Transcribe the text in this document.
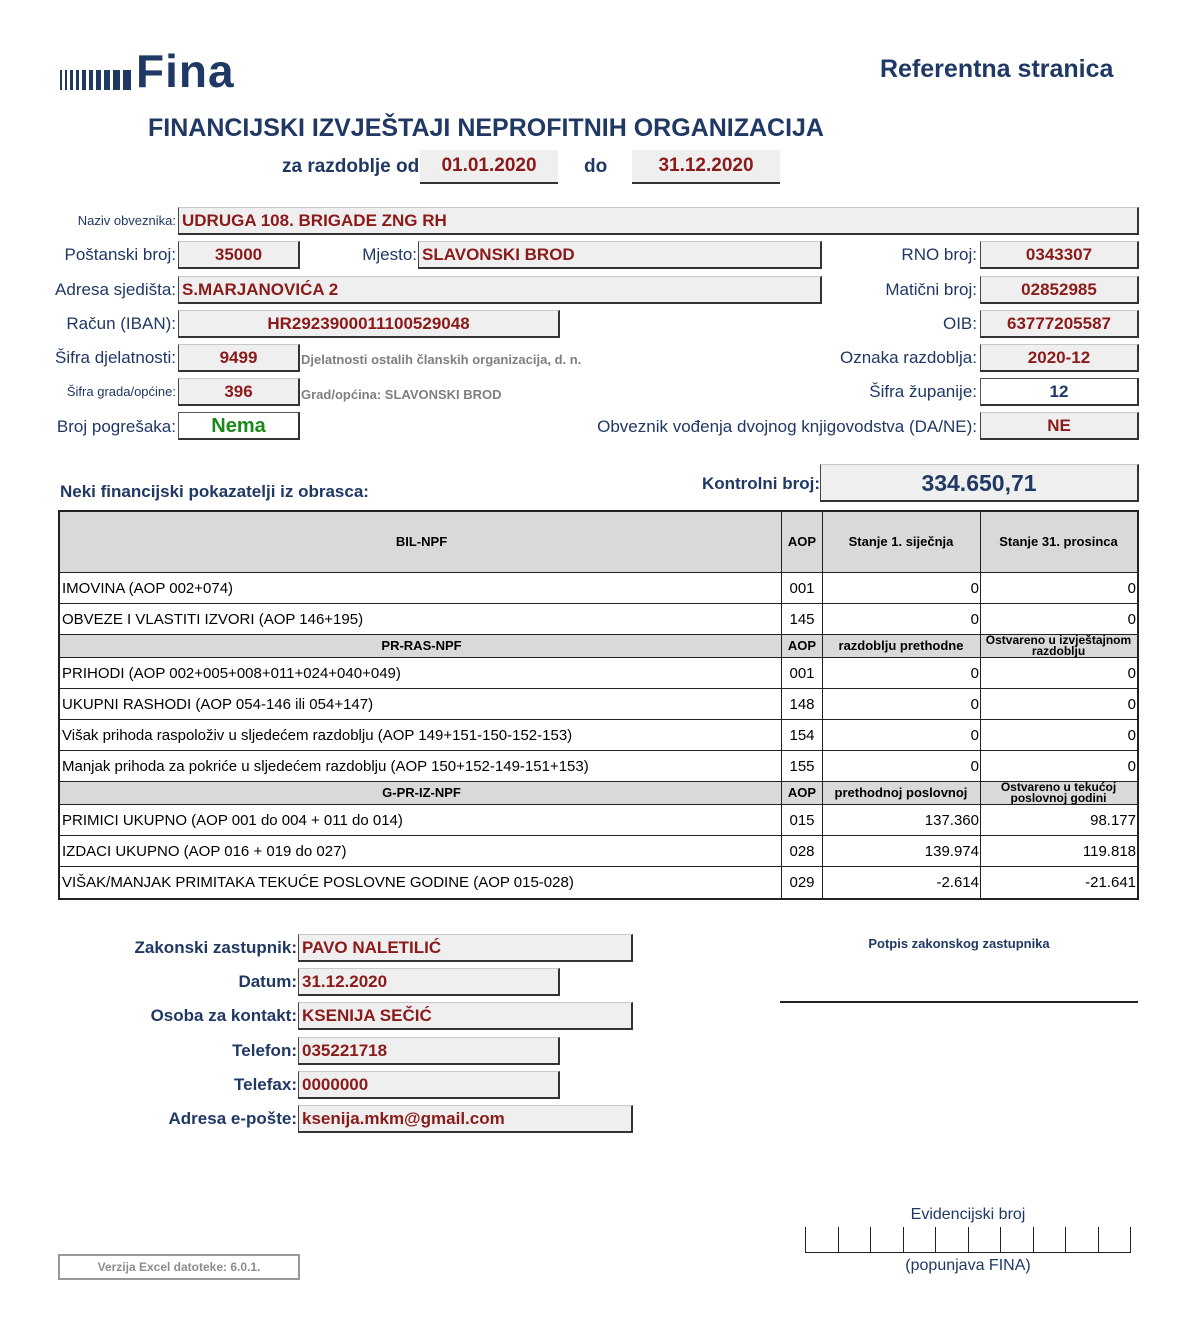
Fina	Referentna stranica
FINANCIJSKI IZVJEŠTAJI NEPROFITNIH ORGANIZACIJA
za razdoblje od	01.01.2020	do	31.12.2020
Naziv obveznika: UDRUGA 108. BRIGADE ZNG RH
Poštanski broj:	35000	Mjesto: SLAVONSKI BROD	RNO broj:	0343307
Adresa sjedišta: S.MARJANOVIĆA 2	Matični broj:	02852985
Račun (IBAN):	HR2923900011100529048	OIB:	63777205587
Šifra djelatnosti:	9499	Djelatnosti ostalih članskih organizacija, d. n.	Oznaka razdoblja:	2020-12
Šifra grada/općine:	396	Grad/općina: SLAVONSKI BROD	Šifra županije:	12
Broj pogrešaka:	Nema	Obveznik vođenja dvojnog knjigovodstva (DA/NE):	NE
Neki financijski pokazatelji iz obrasca:	Kontrolni broj:	334.650,71
BIL-NPF	AOP	Stanje 1. siječnja	Stanje 31. prosinca
IMOVINA (AOP 002+074)	001	0	0
OBVEZE I VLASTITI IZVORI (AOP 146+195)	145	0	0
PR-RAS-NPF	AOP	razdoblju prethodne	Ostvareno u izvještajnom razdoblju
PRIHODI (AOP 002+005+008+011+024+040+049)	001	0	0
UKUPNI RASHODI (AOP 054-146 ili 054+147)	148	0	0
Višak prihoda raspoloživ u sljedećem razdoblju (AOP 149+151-150-152-153)	154	0	0
Manjak prihoda za pokriće u sljedećem razdoblju (AOP 150+152-149-151+153)	155	0	0
G-PR-IZ-NPF	AOP	prethodnoj poslovnoj	Ostvareno u tekućoj poslovnoj godini
PRIMICI UKUPNO (AOP 001 do 004 + 011 do 014)	015	137.360	98.177
IZDACI UKUPNO (AOP 016 + 019 do 027)	028	139.974	119.818
VIŠAK/MANJAK PRIMITAKA TEKUĆE POSLOVNE GODINE (AOP 015-028)	029	-2.614	-21.641
Zakonski zastupnik: PAVO NALETILIĆ
Datum: 31.12.2020
Osoba za kontakt: KSENIJA SEČIĆ
Telefon: 035221718
Telefax: 0000000
Adresa e-pošte: ksenija.mkm@gmail.com
Potpis zakonskog zastupnika
Evidencijski broj
(popunjava FINA)
Verzija Excel datoteke: 6.0.1.
